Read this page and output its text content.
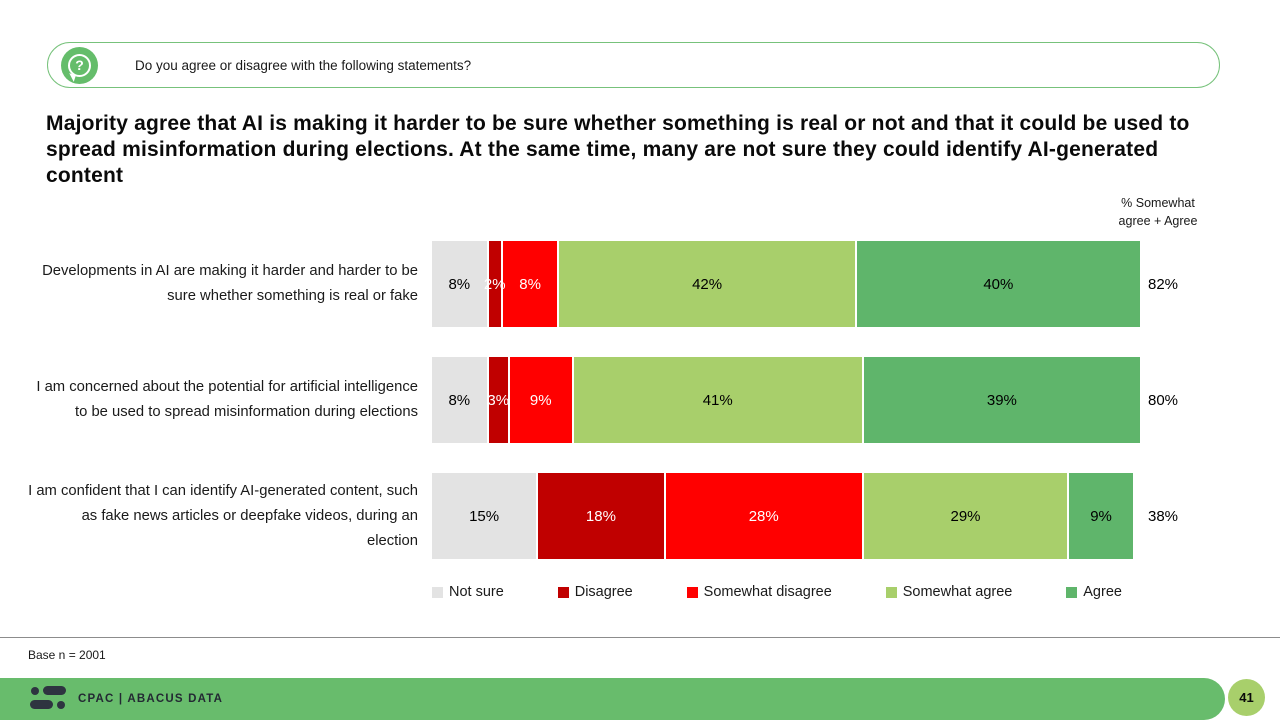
?	Do you agree or disagree with the following statements?
Majority agree that AI is making it harder to be sure whether something is real or not and that it could be used to spread misinformation during elections. At the same time, many are not sure they could identify AI-generated content
% Somewhat
agree + Agree
Developments in AI are making it harder and harder to be sure whether something is real or fake
8% 2% 8%	42%	40%	82%
I am concerned about the potential for artificial intelligence to be used to spread misinformation during elections
8% 3% 9%	41%	39%	80%
I am confident that I can identify AI-generated content, such as fake news articles or deepfake videos, during an election
15%	18%	28%	29%	9%	38%
Not sure	Disagree	Somewhat disagree	Somewhat agree	Agree
Base n = 2001
CPAC | ABACUS DATA	41
